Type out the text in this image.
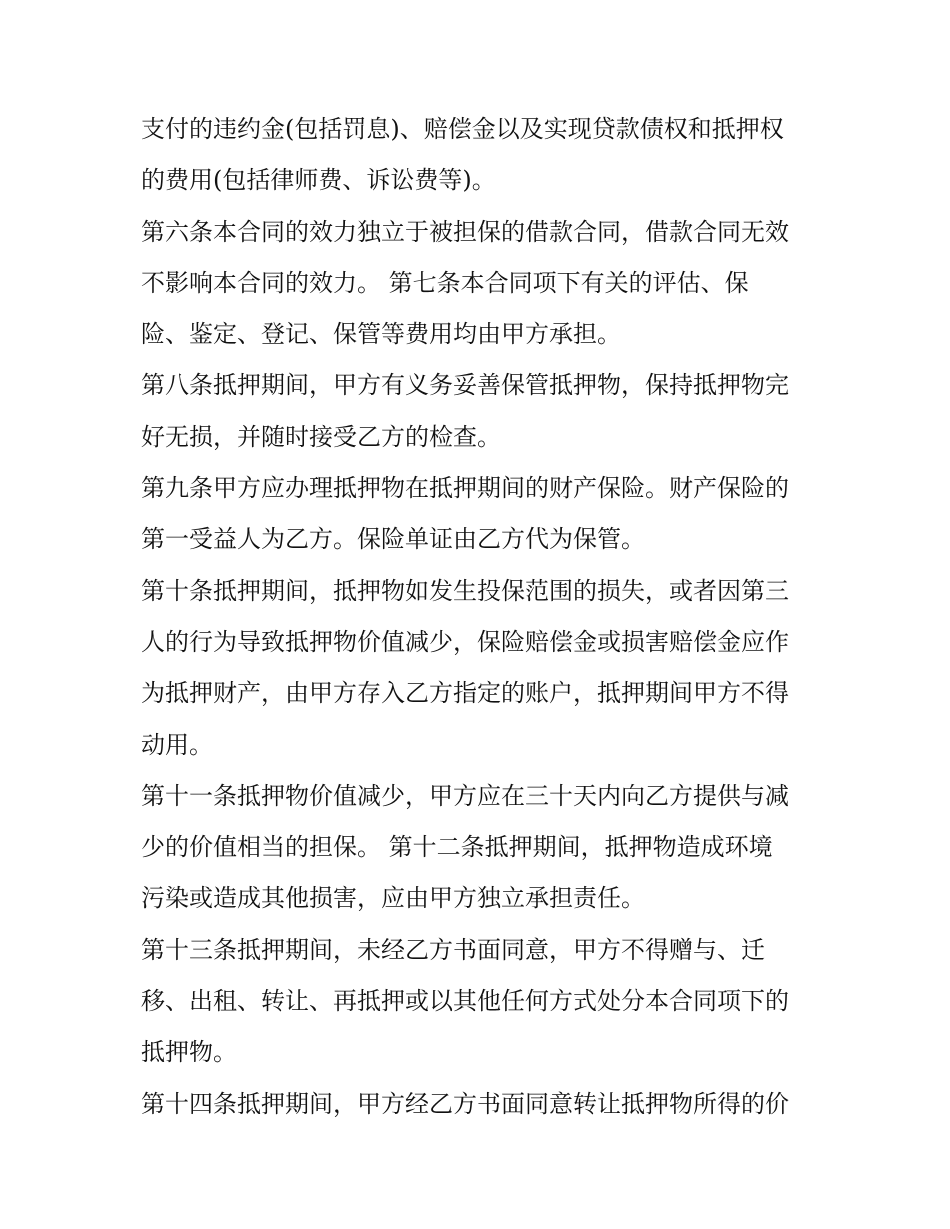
支付的违约金(包括罚息)、赔偿金以及实现贷款债权和抵押权
的费用(包括律师费、诉讼费等)。
第六条本合同的效力独立于被担保的借款合同，借款合同无效
不影响本合同的效力。 第七条本合同项下有关的评估、保
险、鉴定、登记、保管等费用均由甲方承担。
第八条抵押期间，甲方有义务妥善保管抵押物，保持抵押物完
好无损，并随时接受乙方的检查。
第九条甲方应办理抵押物在抵押期间的财产保险。财产保险的
第一受益人为乙方。保险单证由乙方代为保管。
第十条抵押期间，抵押物如发生投保范围的损失，或者因第三
人的行为导致抵押物价值减少，保险赔偿金或损害赔偿金应作
为抵押财产，由甲方存入乙方指定的账户，抵押期间甲方不得
动用。
第十一条抵押物价值减少，甲方应在三十天内向乙方提供与减
少的价值相当的担保。 第十二条抵押期间，抵押物造成环境
污染或造成其他损害，应由甲方独立承担责任。
第十三条抵押期间，未经乙方书面同意，甲方不得赠与、迁
移、出租、转让、再抵押或以其他任何方式处分本合同项下的
抵押物。
第十四条抵押期间，甲方经乙方书面同意转让抵押物所得的价
